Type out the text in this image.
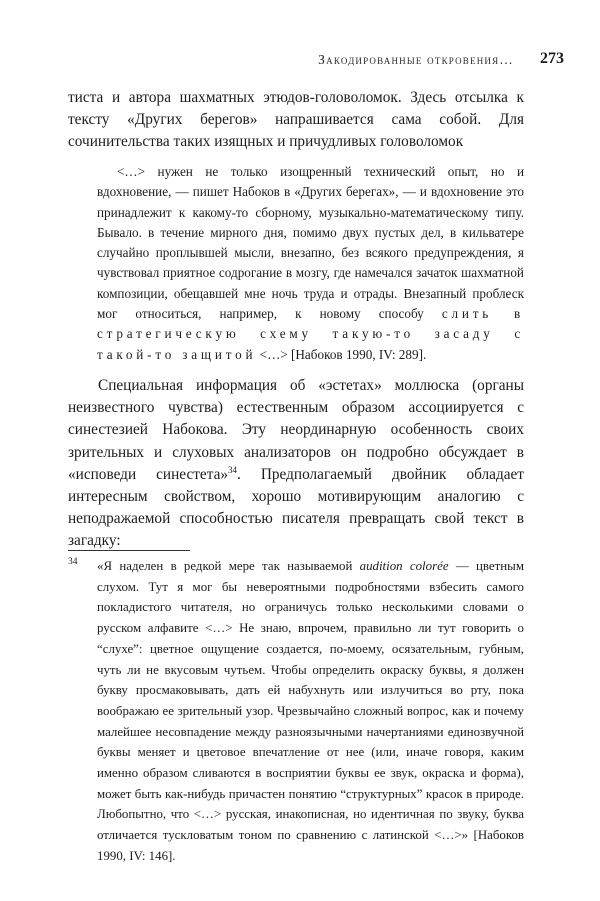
Закодированные откровения… 273

тиста и автора шахматных этюдов-головоломок. Здесь отсылка к тексту «Других берегов» напрашивается сама собой. Для сочинительства таких изящных и причудливых головоломок

<…> нужен не только изощренный технический опыт, но и вдохновение, — пишет Набоков в «Других берегах», — и вдохновение это принадлежит к какому-то сборному, музыкально-математическому типу. Бывало. в течение мирного дня, помимо двух пустых дел, в кильватере случайно проплывшей мысли, внезапно, без всякого предупреждения, я чувствовал приятное содрогание в мозгу, где намечался зачаток шахматной композиции, обещавшей мне ночь труда и отрады. Внезапный проблеск мог относиться, например, к новому способу слить в стратегическую схему такую-то засаду с такой-то защитой <…> [Набоков 1990, IV: 289].

Специальная информация об «эстетах» моллюска (органы неизвестного чувства) естественным образом ассоциируется с синестезией Набокова. Эту неординарную особенность своих зрительных и слуховых анализаторов он подробно обсуждает в «исповеди синестета»$^{34}$. Предполагаемый двойник обладает интересным свойством, хорошо мотивирующим аналогию с неподражаемой способностью писателя превращать свой текст в загадку:

34 «Я наделен в редкой мере так называемой audition colorée — цветным слухом. Тут я мог бы невероятными подробностями взбесить самого покладистого читателя, но ограничусь только несколькими словами о русском алфавите <…> Не знаю, впрочем, правильно ли тут говорить о “слухе”: цветное ощущение создается, по-моему, осязательным, губным, чуть ли не вкусовым чутьем. Чтобы определить окраску буквы, я должен букву просмаковывать, дать ей набухнуть или излучиться во рту, пока воображаю ее зрительный узор. Чрезвычайно сложный вопрос, как и почему малейшее несовпадение между разноязычными начертаниями единозвучной буквы меняет и цветовое впечатление от нее (или, иначе говоря, каким именно образом сливаются в восприятии буквы ее звук, окраска и форма), может быть как-нибудь причастен понятию “структурных” красок в природе. Любопытно, что <…> русская, инакописная, но идентичная по звуку, буква отличается тускловатым тоном по сравнению с латинской <…>» [Набоков 1990, IV: 146].
